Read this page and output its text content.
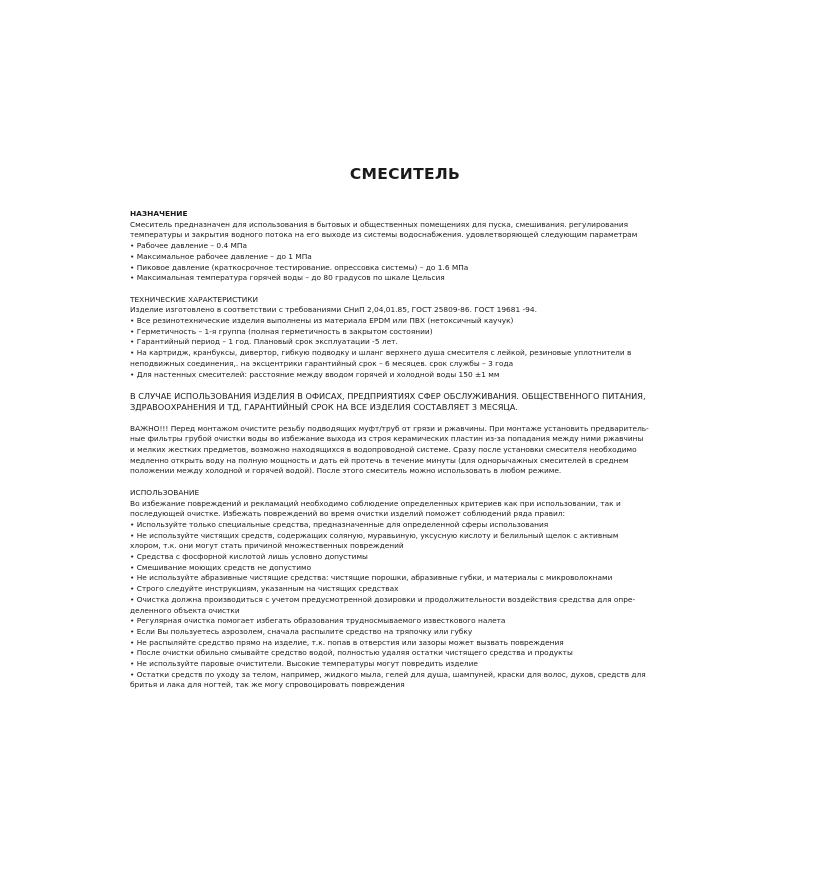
СМЕСИТЕЛЬ
НАЗНАЧЕНИЕ
Смеситель предназначен для использования в бытовых и общественных помещениях для пуска, смешивания. регулирования
температуры и закрытия водного потока на его выходе из системы водоснабжения. удовлетворяющей следующим параметрам
• Рабочее давление – 0.4 МПа
• Максимальное рабочее давление – до 1 МПа
• Пиковое давление (краткосрочное тестирование. опрессовка системы) – до 1.6 МПа
• Максимальная температура горячей воды – до 80 градусов по шкале Цельсия
ТЕХНИЧЕСКИЕ ХАРАКТЕРИСТИКИ
Изделие изготовлено в соответствии с требованиями СНиП 2,04,01.85, ГОСТ 25809-86. ГОСТ 19681 -94.
• Все резинотехнические изделия выполнены из материала EPDM или ПВХ (нетоксичный каучук)
• Герметичность – 1-я группа (полная герметичность в закрытом состоянии)
• Гарантийный период – 1 год. Плановый срок эксплуатации -5 лет.
• На картридж, кранбуксы, дивертор, гибкую подводку и шланг верхнего душа смесителя с лейкой, резиновые уплотнители в
неподвижных соединения,. на эксцентрики гарантийный срок – 6 месяцев. срок службы – 3 года
• Для настенных смесителей: расстояние между вводом горячей и холодной воды 150 ±1 мм
В СЛУЧАЕ ИСПОЛЬЗОВАНИЯ ИЗДЕЛИЯ В ОФИСАХ, ПРЕДПРИЯТИЯХ СФЕР ОБСЛУЖИВАНИЯ. ОБЩЕСТВЕННОГО ПИТАНИЯ,
ЗДРАВООХРАНЕНИЯ И ТД, ГАРАНТИЙНЫЙ СРОК НА ВСЕ ИЗДЕЛИЯ СОСТАВЛЯЕТ 3 МЕСЯЦА.
ВАЖНО!!! Перед монтажом очистите резьбу подводящих муфт/труб от грязи и ржавчины. При монтаже установить предваритель-
ные фильтры грубой очистки воды во избежание выхода из строя керамических пластин из-за попадания между ними ржавчины
и мелких жестких предметов, возможно находящихся в водопроводной системе. Сразу после установки смесителя необходимо
медленно открыть воду на полную мощность и дать ей протечь в течение минуты (для однорычажных смесителей в среднем
положении между холодной и горячей водой). После этого смеситель можно использовать в любом режиме.
ИСПОЛЬЗОВАНИЕ
Во избежание повреждений и рекламаций необходимо соблюдение определенных критериев как при использовании, так и
последующей очистке. Избежать повреждений во время очистки изделий поможет соблюдений ряда правил:
• Используйте только специальные средства, предназначенные для определенной сферы использования
• Не используйте чистящих средств, содержащих соляную, муравьиную, уксусную кислоту и белильный щелок с активным
хлором, т.к. они могут стать причиной множественных повреждений
• Средства с фосфорной кислотой лишь условно допустимы
• Смешивание моющих средств не допустимо
• Не используйте абразивные чистящие средства: чистящие порошки, абразивные губки, и материалы с микроволокнами
• Строго следуйте инструкциям, указанным на чистящих средствах
• Очистка должна производиться с учетом предусмотренной дозировки и продолжительности воздействия средства для опре-
деленного объекта очистки
• Регулярная очистка помогает избегать образования трудносмываемого известкового налета
• Если Вы пользуетесь аэрозолем, сначала распылите средство на тряпочку или губку
• Не распыляйте средство прямо на изделие, т.к. попав в отверстия или зазоры может вызвать повреждения
• После очистки обильно смывайте средство водой, полностью удаляя остатки чистящего средства и продукты
• Не используйте паровые очистители. Высокие температуры могут повредить изделие
• Остатки средств по уходу за телом, например, жидкого мыла, гелей для душа, шампуней, краски для волос, духов, средств для
бритья и лака для ногтей, так же могу спровоцировать повреждения
